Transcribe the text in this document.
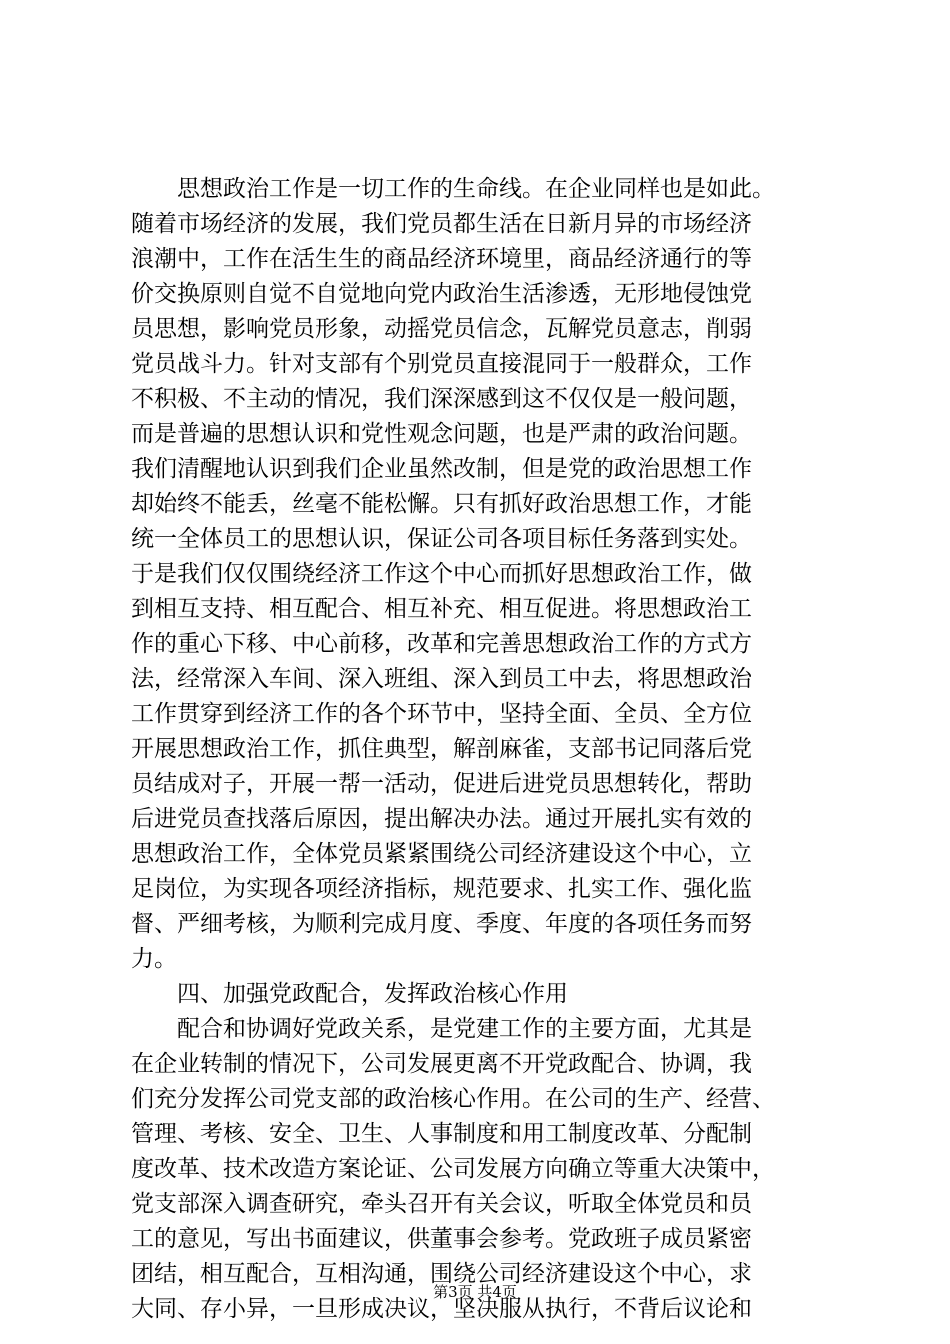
思想政治工作是一切工作的生命线。在企业同样也是如此。
随着市场经济的发展，我们党员都生活在日新月异的市场经济
浪潮中，工作在活生生的商品经济环境里，商品经济通行的等
价交换原则自觉不自觉地向党内政治生活渗透，无形地侵蚀党
员思想，影响党员形象，动摇党员信念，瓦解党员意志，削弱
党员战斗力。针对支部有个别党员直接混同于一般群众，工作
不积极、不主动的情况，我们深深感到这不仅仅是一般问题，
而是普遍的思想认识和党性观念问题，也是严肃的政治问题。
我们清醒地认识到我们企业虽然改制，但是党的政治思想工作
却始终不能丢，丝毫不能松懈。只有抓好政治思想工作，才能
统一全体员工的思想认识，保证公司各项目标任务落到实处。
于是我们仅仅围绕经济工作这个中心而抓好思想政治工作，做
到相互支持、相互配合、相互补充、相互促进。将思想政治工
作的重心下移、中心前移，改革和完善思想政治工作的方式方
法，经常深入车间、深入班组、深入到员工中去，将思想政治
工作贯穿到经济工作的各个环节中，坚持全面、全员、全方位
开展思想政治工作，抓住典型，解剖麻雀，支部书记同落后党
员结成对子，开展一帮一活动，促进后进党员思想转化，帮助
后进党员查找落后原因，提出解决办法。通过开展扎实有效的
思想政治工作，全体党员紧紧围绕公司经济建设这个中心，立
足岗位，为实现各项经济指标，规范要求、扎实工作、强化监
督、严细考核，为顺利完成月度、季度、年度的各项任务而努
力。
四、加强党政配合，发挥政治核心作用
配合和协调好党政关系，是党建工作的主要方面，尤其是
在企业转制的情况下，公司发展更离不开党政配合、协调，我
们充分发挥公司党支部的政治核心作用。在公司的生产、经营、
管理、考核、安全、卫生、人事制度和用工制度改革、分配制
度改革、技术改造方案论证、公司发展方向确立等重大决策中，
党支部深入调查研究，牵头召开有关会议，听取全体党员和员
工的意见，写出书面建议，供董事会参考。党政班子成员紧密
团结，相互配合，互相沟通，围绕公司经济建设这个中心，求
大同、存小异，一旦形成决议，坚决服从执行，不背后议论和
第3页 共4页
